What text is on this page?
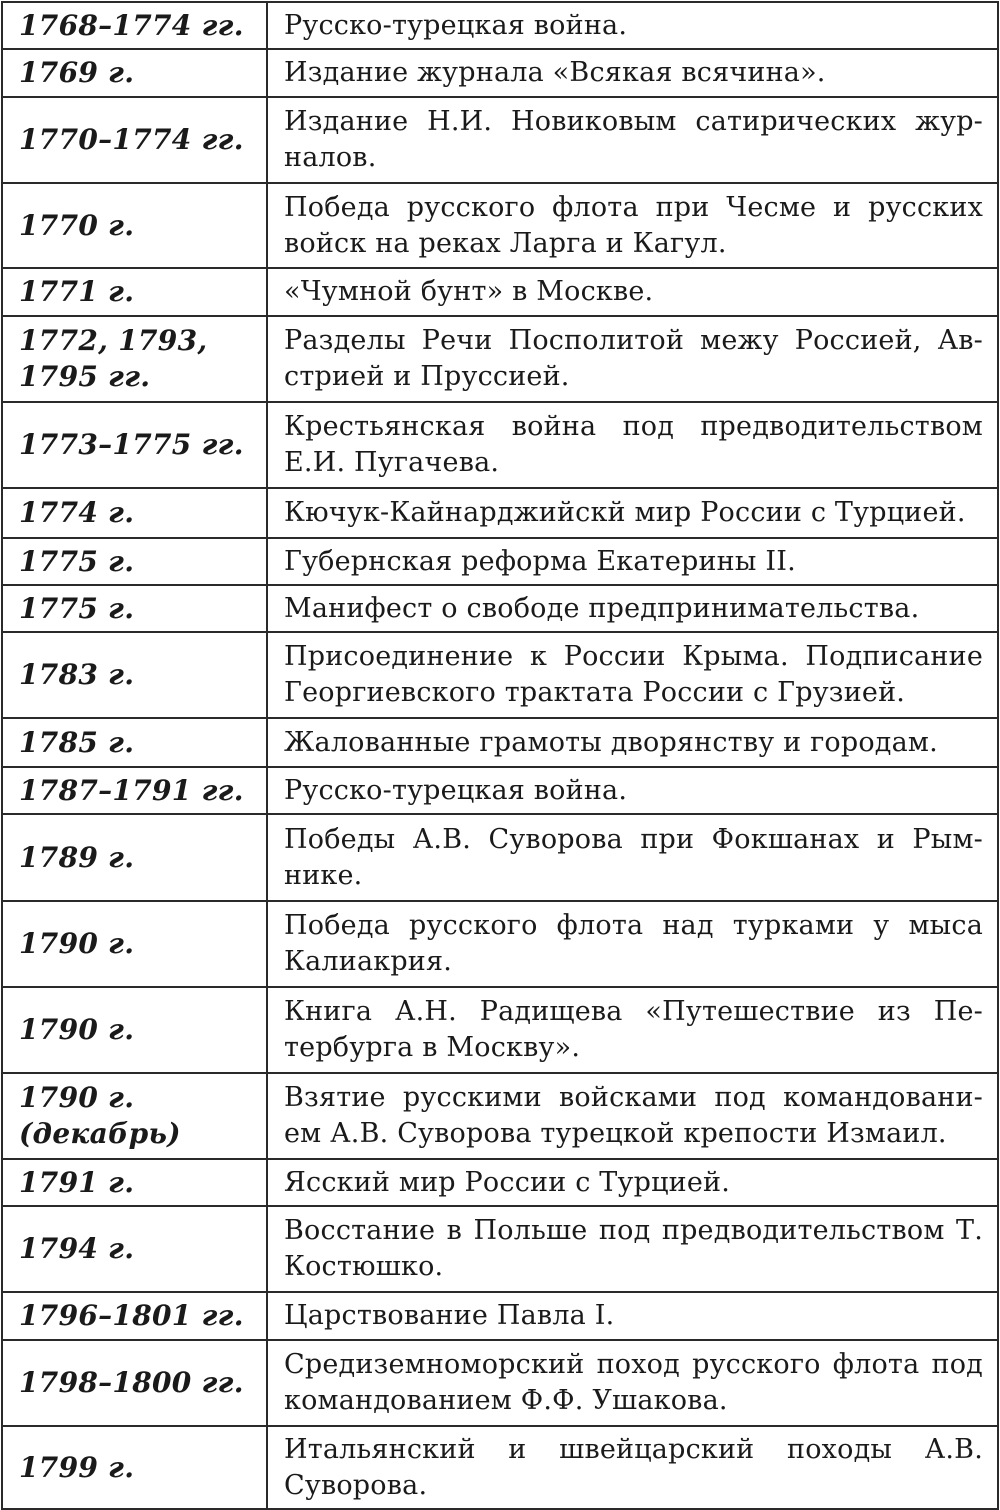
1768–1774 гг.	Русско-турецкая война.
1769 г.	Издание журнала «Всякая всячина».
1770–1774 гг.	Издание Н.И. Новиковым сатирических жур-налов.
1770 г.	Победа русского флота при Чесме и русских войск на реках Ларга и Кагул.
1771 г.	«Чумной бунт» в Москве.
1772, 1793, 1795 гг.	Разделы Речи Посполитой межу Россией, Ав-стрией и Пруссией.
1773–1775 гг.	Крестьянская война под предводительством Е.И. Пугачева.
1774 г.	Кючук-Кайнарджийскй мир России с Турцией.
1775 г.	Губернская реформа Екатерины II.
1775 г.	Манифест о свободе предпринимательства.
1783 г.	Присоединение к России Крыма. Подписание Георгиевского трактата России с Грузией.
1785 г.	Жалованные грамоты дворянству и городам.
1787–1791 гг.	Русско-турецкая война.
1789 г.	Победы А.В. Суворова при Фокшанах и Рым-нике.
1790 г.	Победа русского флота над турками у мыса Калиакрия.
1790 г.	Книга А.Н. Радищева «Путешествие из Пе-тербурга в Москву».
1790 г. (декабрь)	Взятие русскими войсками под командовани-ем А.В. Суворова турецкой крепости Измаил.
1791 г.	Ясский мир России с Турцией.
1794 г.	Восстание в Польше под предводительством Т. Костюшко.
1796–1801 гг.	Царствование Павла I.
1798–1800 гг.	Средиземноморский поход русского флота под командованием Ф.Ф. Ушакова.
1799 г.	Итальянский и швейцарский походы А.В. Суворова.
